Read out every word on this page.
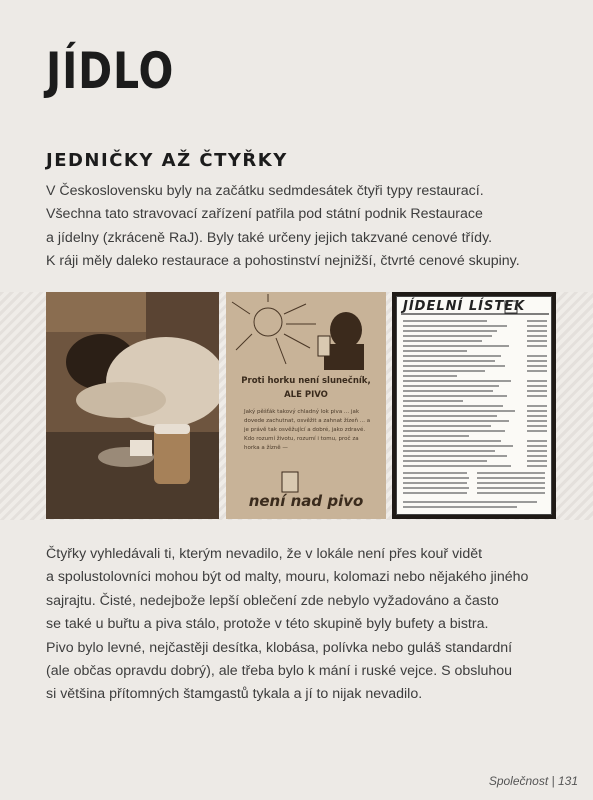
JÍDLO
JEDNIČKY AŽ ČTYŘKY
V Československu byly na začátku sedmdesátek čtyři typy restaurací.
Všechna tato stravovací zařízení patřila pod státní podnik Restaurace
a jídelny (zkráceně RaJ). Byly také určeny jejich takzvané cenové třídy.
K ráji měly daleko restaurace a pohostinství nejnižší, čtvrté cenové skupiny.
Proti horku není slunečník,
ALE PIVO
Jaký pěšťák takový chladný lok piva ... jak dovede zachutnat, osvěžit a zahnat žízeň ... a je právě tak osvěžující a dobré, jako zdravé. Kdo rozumí životu, rozumí i tomu, proč za horka a žízně —
není nad pivo
JÍDELNÍ LÍSTEK
Čtyřky vyhledávali ti, kterým nevadilo, že v lokále není přes kouř vidět
a spolustolovníci mohou být od malty, mouru, kolomazi nebo nějakého jiného
sajrajtu. Čisté, nedejbože lepší oblečení zde nebylo vyžadováno a často
se také u buřtu a piva stálo, protože v této skupině byly bufety a bistra.
Pivo bylo levné, nejčastěji desítka, klobása, polívka nebo guláš standardní
(ale občas opravdu dobrý), ale třeba bylo k mání i ruské vejce. S obsluhou
si většina přítomných štamgastů tykala a jí to nijak nevadilo.
Společnost | 131
